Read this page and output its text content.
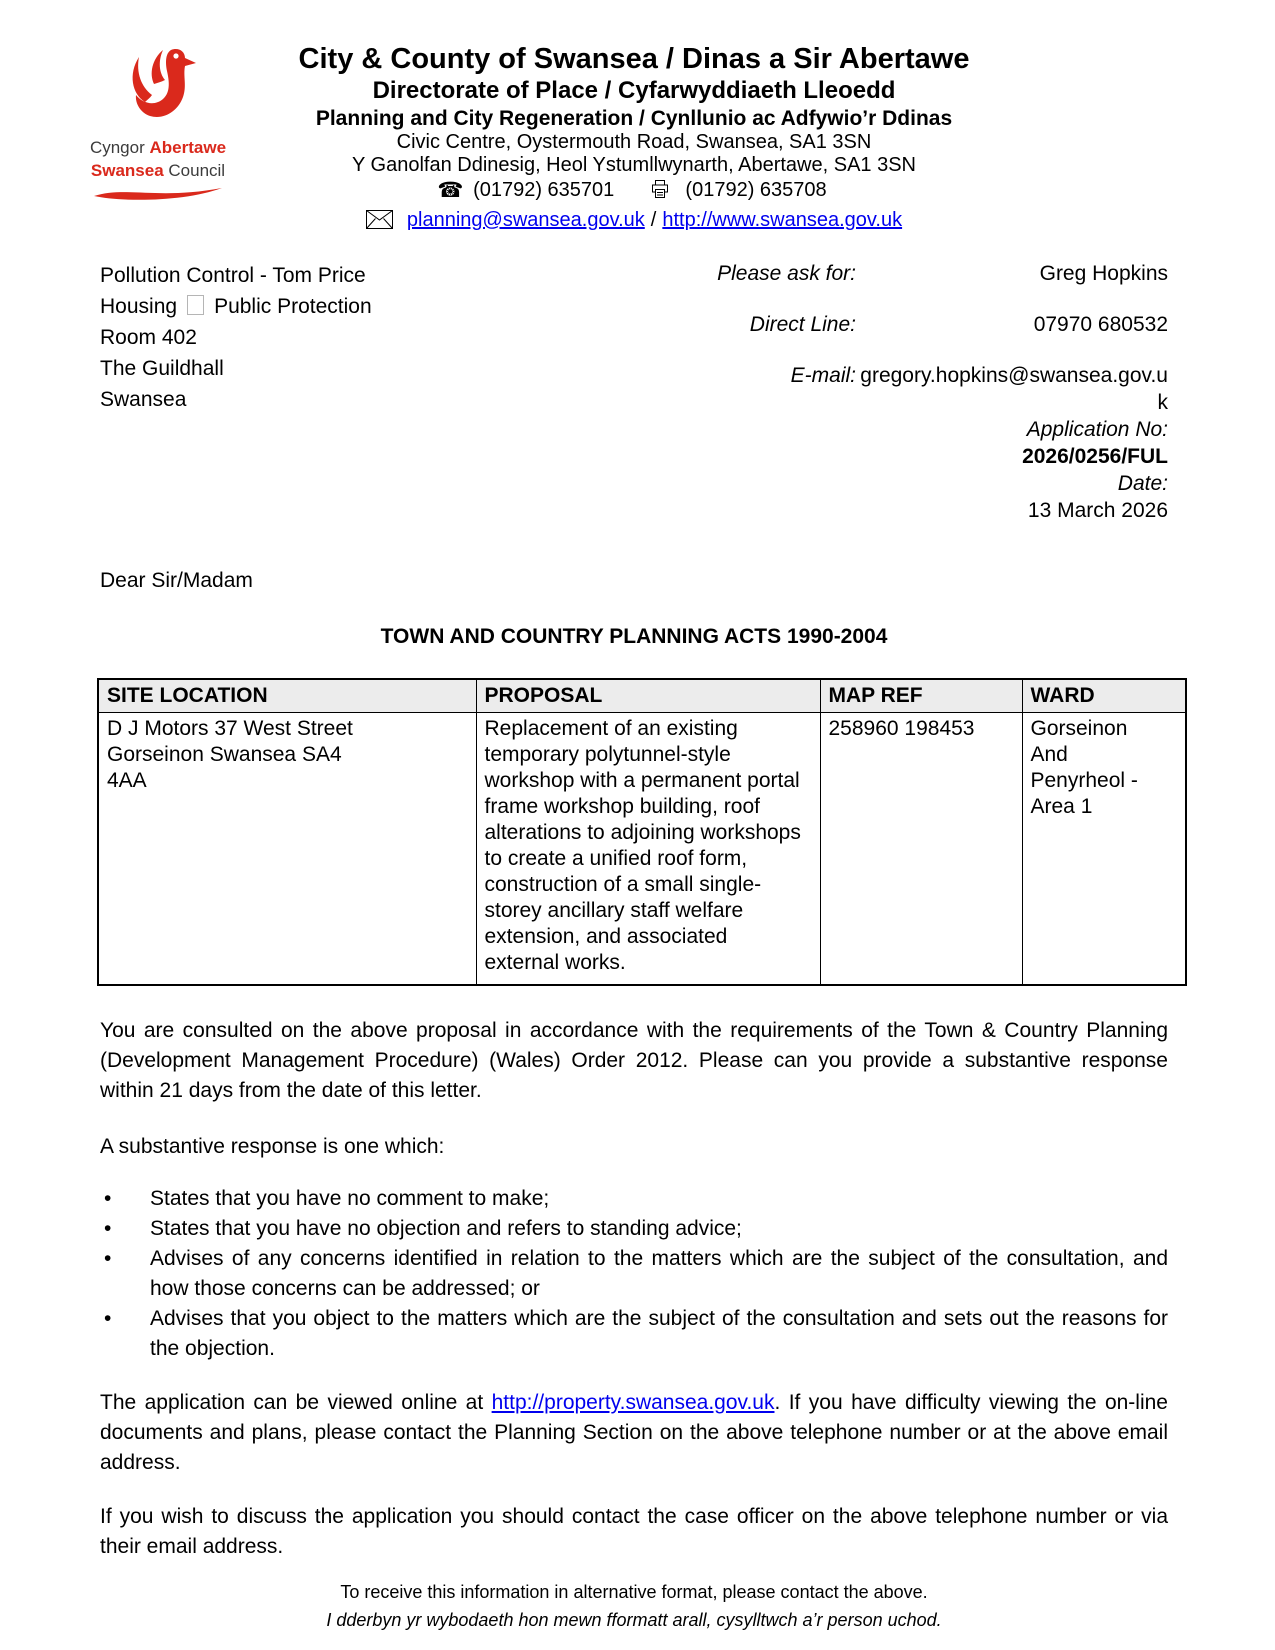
Cyngor Abertawe
Swansea Council
City & County of Swansea / Dinas a Sir Abertawe
Directorate of Place / Cyfarwyddiaeth Lleoedd
Planning and City Regeneration / Cynllunio ac Adfywio’r Ddinas
Civic Centre, Oystermouth Road, Swansea, SA1 3SN
Y Ganolfan Ddinesig, Heol Ystumllwynarth, Abertawe, SA1 3SN
☎ (01792) 635701	(01792) 635708
planning@swansea.gov.uk / http://www.swansea.gov.uk
Pollution Control - Tom Price
Housing Public Protection
Room 402
The Guildhall
Swansea
Please ask for:	Greg Hopkins
Direct Line:	07970 680532
E-mail: gregory.hopkins@swansea.gov.uk
Application No:
2026/0256/FUL
Date:
13 March 2026
Dear Sir/Madam
TOWN AND COUNTRY PLANNING ACTS 1990-2004
SITE LOCATION	PROPOSAL	MAP REF	WARD

D J Motors 37 West Street Gorseinon Swansea SA4 4AA	Replacement of an existing temporary polytunnel-style workshop with a permanent portal frame workshop building, roof alterations to adjoining workshops to create a unified roof form, construction of a small single-storey ancillary staff welfare extension, and associated external works.	258960 198453	Gorseinon And Penyrheol - Area 1

You are consulted on the above proposal in accordance with the requirements of the Town & Country Planning (Development Management Procedure) (Wales) Order 2012. Please can you provide a substantive response within 21 days from the date of this letter.

A substantive response is one which:

•	States that you have no comment to make;
•	States that you have no objection and refers to standing advice;
•	Advises of any concerns identified in relation to the matters which are the subject of the consultation, and how those concerns can be addressed; or
•	Advises that you object to the matters which are the subject of the consultation and sets out the reasons for the objection.

The application can be viewed online at http://property.swansea.gov.uk. If you have difficulty viewing the on-line documents and plans, please contact the Planning Section on the above telephone number or at the above email address.

If you wish to discuss the application you should contact the case officer on the above telephone number or via their email address.

To receive this information in alternative format, please contact the above.
I dderbyn yr wybodaeth hon mewn fformatt arall, cysylltwch a’r person uchod.
